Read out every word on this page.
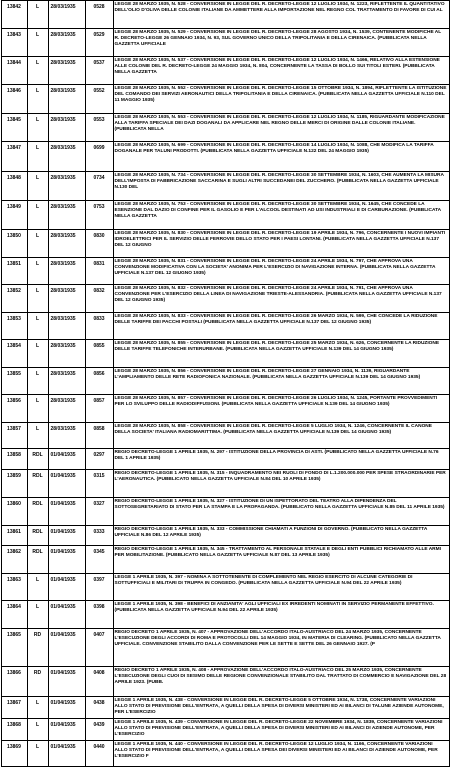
13842	L	28/03/1935	0528	LEGGE 28 MARZO 1935, N. 528 - CONVERSIONE IN LEGGE DEL R. DECRETO-LEGGE 12 LUGLIO 1934, N. 1223, RIFLETTENTE IL QUANTITATIVO DELL'OLIO D'OLIVA DELLE COLONIE ITALIANE DA AMMETTERE ALLA IMPORTAZIONE NEL REGNO COL TRATTAMENTO DI FAVORE DI CUI AL
13843	L	28/03/1935	0529	LEGGE 28 MARZO 1935, N. 529 - CONVERSIONE IN LEGGE DEL R. DECRETO-LEGGE 28 AGOSTO 1934, N. 1539, CONTENENTE MODIFICHE AL R. DECRETO-LEGGE 26 GENNAIO 1934, N. 93, SUL GOVERNO UNICO DELLA TRIPOLITANIA E DELLA CIRENAICA. (PUBBLICATA NELLA GAZZETTA UFFICIALE
13844	L	28/03/1935	0537	LEGGE 28 MARZO 1935, N. 537 - CONVERSIONE IN LEGGE DEL R. DECRETO-LEGGE 12 LUGLIO 1934, N. 1466, RELATIVO ALLA ESTENSIONE ALLE COLONIE DEL R. DECRETO-LEGGE 24 MAGGIO 1934, N. 804, CONCERNENTE LA TASSA DI BOLLO SUI TITOLI ESTERI. (PUBBLICATA NELLA GAZZETTA
13846	L	28/03/1935	0552	LEGGE 28 MARZO 1935, N. 552 - CONVERSIONE IN LEGGE DEL R. DECRETO-LEGGE 15 OTTOBRE 1934, N. 1894, RIFLETTENTE LA ISTITUZIONE DEL COMANDO DEI SERVIZI AERONAUTICI DELLA TRIPOLITANIA E DELLA CIRENAICA. (PUBBLICATA NELLA GAZZETTA UFFICIALE N.110 DEL 11 MAGGIO 1935)
13845	L	28/03/1935	0553	LEGGE 28 MARZO 1935, N. 553 - CONVERSIONE IN LEGGE DEL R. DECRETO-LEGGE 12 LUGLIO 1934, N. 1185, RIGUARDANTE MODIFICAZIONE ALLA TARIFFA SPECIALE DEI DAZI DOGANALI DA APPLICARE NEL REGNO DELLE MERCI DI ORIGINE DALLE COLONIE ITALIANE. (PUBBLICATA NELLA
13847	L	28/03/1935	0699	LEGGE 28 MARZO 1935, N. 699 - CONVERSIONE IN LEGGE DEL R. DECRETO-LEGGE 14 LUGLIO 1934, N. 1088, CHE MODIFICA LA TARIFFA DOGANALE PER TALUNI PRODOTTI. (PUBBLICATA NELLA GAZZETTA UFFICIALE N.122 DEL 24 MAGGIO 1935)
13848	L	28/03/1935	0734	LEGGE 28 MARZO 1935, N. 734 - CONVERSIONE IN LEGGE DEL R. DECRETO-LEGGE 30 SETTEMBRE 1934, N. 1603, CHE AUMENTA LA MISURA DELL'IMPOSTA DI FABBRICAZIONE SACCARINA E SUGLI ALTRI SUCCEDANEI DEL ZUCCHERO. (PUBBLICATA NELLA GAZZETTA UFFICIALE N.130 DEL
13849	L	28/03/1935	0753	LEGGE 28 MARZO 1935, N. 753 - CONVERSIONE IN LEGGE DEL R. DECRETO-LEGGE 30 SETTEMBRE 1934, N. 1645, CHE CONCEDE LA ESENZIONE DAL DAZIO DI CONFINE PER IL GASOLIO E PER L'ALCOOL DESTINATI AD USI INDUSTRIALI E DI CARBURAZIONE. (PUBBLICATA NELLA GAZZETTA
13850	L	28/03/1935	0830	LEGGE 28 MARZO 1935, N. 830 - CONVERSIONE IN LEGGE DEL R. DECRETO-LEGGE 19 APRILE 1934, N. 796, CONCERNENTE I NUOVI IMPIANTI IDROELETTRICI PER IL SERVIZIO DELLE FERROVIE DELLO STATO PER I PAESI LONTANI. (PUBBLICATA NELLA GAZZETTA UFFICIALE N.137 DEL 12 GIUGNO
13851	L	28/03/1935	0831	LEGGE 28 MARZO 1935, N. 831 - CONVERSIONE IN LEGGE DEL R. DECRETO-LEGGE 24 APRILE 1934, N. 797, CHE APPROVA UNA CONVENZIONE MODIFICATIVA CON LA SOCIETA' ANONIMA PER L'ESERCIZIO DI NAVIGAZIONE INTERNA. (PUBBLICATA NELLA GAZZETTA UFFICIALE N.137 DEL 12 GIUGNO 1935)
13852	L	28/03/1935	0832	LEGGE 28 MARZO 1935, N. 832 - CONVERSIONE IN LEGGE DEL R. DECRETO-LEGGE 24 APRILE 1934, N. 791, CHE APPROVA UNA CONVENZIONE PER L'ESERCIZIO DELLA LINEA DI NAVIGAZIONE TRIESTE-ALESSANDRIA. (PUBBLICATA NELLA GAZZETTA UFFICIALE N.137 DEL 12 GIUGNO 1935)
13853	L	28/03/1935	0833	LEGGE 28 MARZO 1935, N. 833 - CONVERSIONE IN LEGGE DEL R. DECRETO-LEGGE 26 MARZO 1934, N. 599, CHE CONCEDE LA RIDUZIONE DELLE TARIFFE DEI PACCHI POSTALI (PUBBLICATA NELLA GAZZETTA UFFICIALE N.137 DEL 12 GIUGNO 1935)
13854	L	28/03/1935	0855	LEGGE 28 MARZO 1935, N. 855 - CONVERSIONE IN LEGGE DEL R. DECRETO-LEGGE 25 MARZO 1934, N. 626, CONCERNENTE LA RIDUZIONE DELLE TARIFFE TELEFONICHE INTERURBANE. (PUBBLICATA NELLA GAZZETTA UFFICIALE N.139 DEL 14 GIUGNO 1935)
13855	L	28/03/1935	0856	LEGGE 28 MARZO 1935, N. 856 - CONVERSIONE IN LEGGE DEL R. DECRETO-LEGGE 27 GENNAIO 1934, N. 1139, RIGUARDANTE L'AMPLIAMENTO DELLE RETE RADIOFONICA NAZIONALE. (PUBBLICATA NELLA GAZZETTA UFFICIALE N.139 DEL 14 GIUGNO 1935)
13856	L	28/03/1935	0857	LEGGE 28 MARZO 1935, N. 857 - CONVERSIONE IN LEGGE DEL R. DECRETO-LEGGE 26 LUGLIO 1934, N. 1245, PORTANTE PROVVEDIMENTI PER LO SVILUPPO DELLE RADIODIFFUSIONI. (PUBBLICATA NELLA GAZZETTA UFFICIALE N.139 DEL 14 GIUGNO 1935)
13857	L	28/03/1935	0858	LEGGE 28 MARZO 1935, N. 858 - CONVERSIONE IN LEGGE DEL R. DECRETO-LEGGE 5 LUGLIO 1934, N. 1246, CONCERNENTE IL CANONE DELLA SOCIETA' ITALIANA RADIOMARITTIMA. (PUBBLICATA NELLA GAZZETTA UFFICIALE N.139 DEL 14 GIUGNO 1935)
13858	RDL	01/04/1935	0297	REGIO DECRETO-LEGGE 1 APRILE 1935, N. 297 - ISTITUZIONE DELLA PROVINCIA DI ASTI. (PUBBLICATO NELLA GAZZETTA UFFICIALE N.76 DEL 1 APRILE 1935)
13859	RDL	01/04/1935	0315	REGIO DECRETO-LEGGE 1 APRILE 1935, N. 315 - INQUADRAMENTO NEI RUOLI DI FONDO DI L.1.200.000.000 PER SPESE STRAORDINARIE PER L'AERONAUTICA. (PUBBLICATO NELLA GAZZETTA UFFICIALE N.84 DEL 10 APRILE 1935)
13860	RDL	01/04/1935	0327	REGIO DECRETO-LEGGE 1 APRILE 1935, N. 327 - ISTITUZIONE DI UN ISPETTORATO DEL TEATRO ALLA DIPENDENZA DEL SOTTOSEGRETARIATO DI STATO PER LA STAMPA E LA PROPAGANDA. (PUBBLICATO NELLA GAZZETTA UFFICIALE N.85 DEL 11 APRILE 1935)
13861	RDL	01/04/1935	0333	REGIO DECRETO-LEGGE 1 APRILE 1935, N. 333 - COMMISSIONE CHIAMATI A FUNZIONI DI GOVERNO. (PUBBLICATO NELLA GAZZETTA UFFICIALE N.86 DEL 12 APRILE 1935)
13862	RDL	01/04/1935	0345	REGIO DECRETO-LEGGE 1 APRILE 1935, N. 345 - TRATTAMENTO AL PERSONALE STATALE E DEGLI ENTI PUBBLICI RICHIAMATO ALLE ARMI PER MOBILITAZIONE. (PUBBLICATO NELLA GAZZETTA UFFICIALE N.87 DEL 13 APRILE 1935)
13863	L	01/04/1935	0397	LEGGE 1 APRILE 1935, N. 397 - NOMINA A SOTTOTENENTE DI COMPLEMENTO NEL REGIO ESERCITO DI ALCUNE CATEGORIE DI SOTTUFFICIALI E MILITARI DI TRUPPA IN CONGEDO. (PUBBLICATA NELLA GAZZETTA UFFICIALE N.94 DEL 22 APRILE 1935)
13864	L	01/04/1935	0398	LEGGE 1 APRILE 1935, N. 398 - BENEFICI DI ANZIANITA' AGLI UFFICIALI EX IRREDENTI NOMINATI IN SERVIZIO PERMANENTE EFFETTIVO. (PUBBLICATA NELLA GAZZETTA UFFICIALE N.94 DEL 22 APRILE 1935)
13865	RD	01/04/1935	0407	REGIO DECRETO 1 APRILE 1935, N. 407 - APPROVAZIONE DELL'ACCORDO ITALO-AUSTRIACO DEL 24 MARZO 1935, CONCERNENTE L'ESECUZIONE DEGLI ACCORDI DI ROMA E PROTOCOLLI DEL 14 MAGGIO 1934, IN MATERIA DI CLEARING. (PUBBLICATO NELLA GAZZETTA UFFICIALE. CONVENZIONE STABILITO DALLA CONVENZIONE PER LE SETTE E SETTE DEL 26 GENNAIO 1927. (P
13866	RD	01/04/1935	0408	REGIO DECRETO 1 APRILE 1935, N. 408 - APPROVAZIONE DELL'ACCORDO ITALO-AUSTRIACO DEL 25 MARZO 1935, CONCERNENTE L'ESECUZIONE DEGLI CUOI DI SESIMO DELLE REGIONE CONVENZIONALE STABILITO DAL TRATTATO DI COMMERCIO E NAVIGAZIONE DEL 28 APRILE 1923. (PUBB.
13867	L	01/04/1935	0438	LEGGE 1 APRILE 1935, N. 438 - CONVERSIONE IN LEGGE DEL R. DECRETO-LEGGE 5 OTTOBRE 1934, N. 1738, CONCERNENTE VARIAZIONI ALLO STATO DI PREVISIONE DELL'ENTRATA, A QUELLI DELLA SPESA DI DIVERSI MINISTERI ED AI BILANCI DI TALUNE AZIENDE AUTONOME, PER L'ESERCIZIO
13868	L	01/04/1935	0439	LEGGE 1 APRILE 1935, N. 439 - CONVERSIONE IN LEGGE DEL R. DECRETO-LEGGE 22 NOVEMBRE 1934, N. 1839, CONCERNENTE VARIAZIONI ALLO STATO DI PREVISIONE DELL'ENTRATA, A QUELLI DELLA SPESA DI DIVERSI MINISTERI ED AI BILANCI DI AZIENDE AUTONOME, PER L'ESERCIZIO
13869	L	01/04/1935	0440	LEGGE 1 APRILE 1935, N. 440 - CONVERSIONE IN LEGGE DEL R. DECRETO-LEGGE 12 LUGLIO 1934, N. 1166, CONCERNENTE VARIAZIONI ALLO STATO DI PREVISIONE DELL'ENTRATA, A QUELLI DELLA SPESA DEI DIVERSI MINISTERI ED AI BILANCI DI AZIENDE AUTONOME, PER L'ESERCIZIO F
